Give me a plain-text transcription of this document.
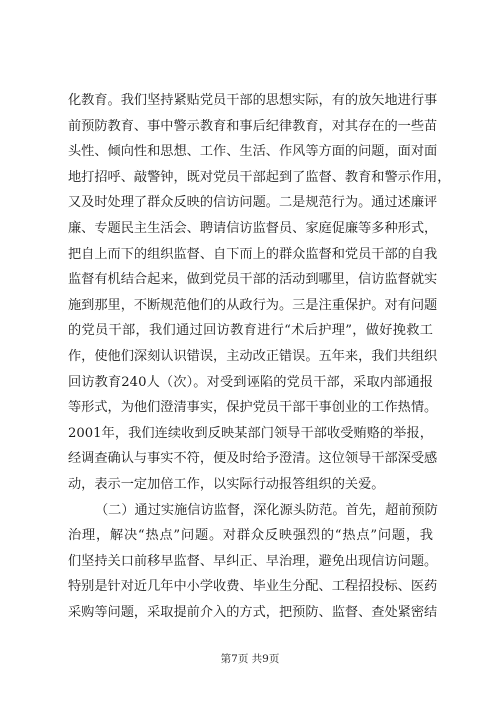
化教育。我们坚持紧贴党员干部的思想实际，有的放矢地进行事
前预防教育、事中警示教育和事后纪律教育，对其存在的一些苗
头性、倾向性和思想、工作、生活、作风等方面的问题，面对面
地打招呼、敲警钟，既对党员干部起到了监督、教育和警示作用，
又及时处理了群众反映的信访问题。二是规范行为。通过述廉评
廉、专题民主生活会、聘请信访监督员、家庭促廉等多种形式，
把自上而下的组织监督、自下而上的群众监督和党员干部的自我
监督有机结合起来，做到党员干部的活动到哪里，信访监督就实
施到那里，不断规范他们的从政行为。三是注重保护。对有问题
的党员干部，我们通过回访教育进行“术后护理”，做好挽救工
作，使他们深刻认识错误，主动改正错误。五年来，我们共组织
回访教育240人（次）。对受到诬陷的党员干部，采取内部通报
等形式，为他们澄清事实，保护党员干部干事创业的工作热情。
2001年，我们连续收到反映某部门领导干部收受贿赂的举报，
经调查确认与事实不符，便及时给予澄清。这位领导干部深受感
动，表示一定加倍工作，以实际行动报答组织的关爱。
（二）通过实施信访监督，深化源头防范。首先，超前预防
治理，解决“热点”问题。对群众反映强烈的“热点”问题，我
们坚持关口前移早监督、早纠正、早治理，避免出现信访问题。
特别是针对近几年中小学收费、毕业生分配、工程招投标、医药
采购等问题，采取提前介入的方式，把预防、监督、查处紧密结
第7页 共9页
